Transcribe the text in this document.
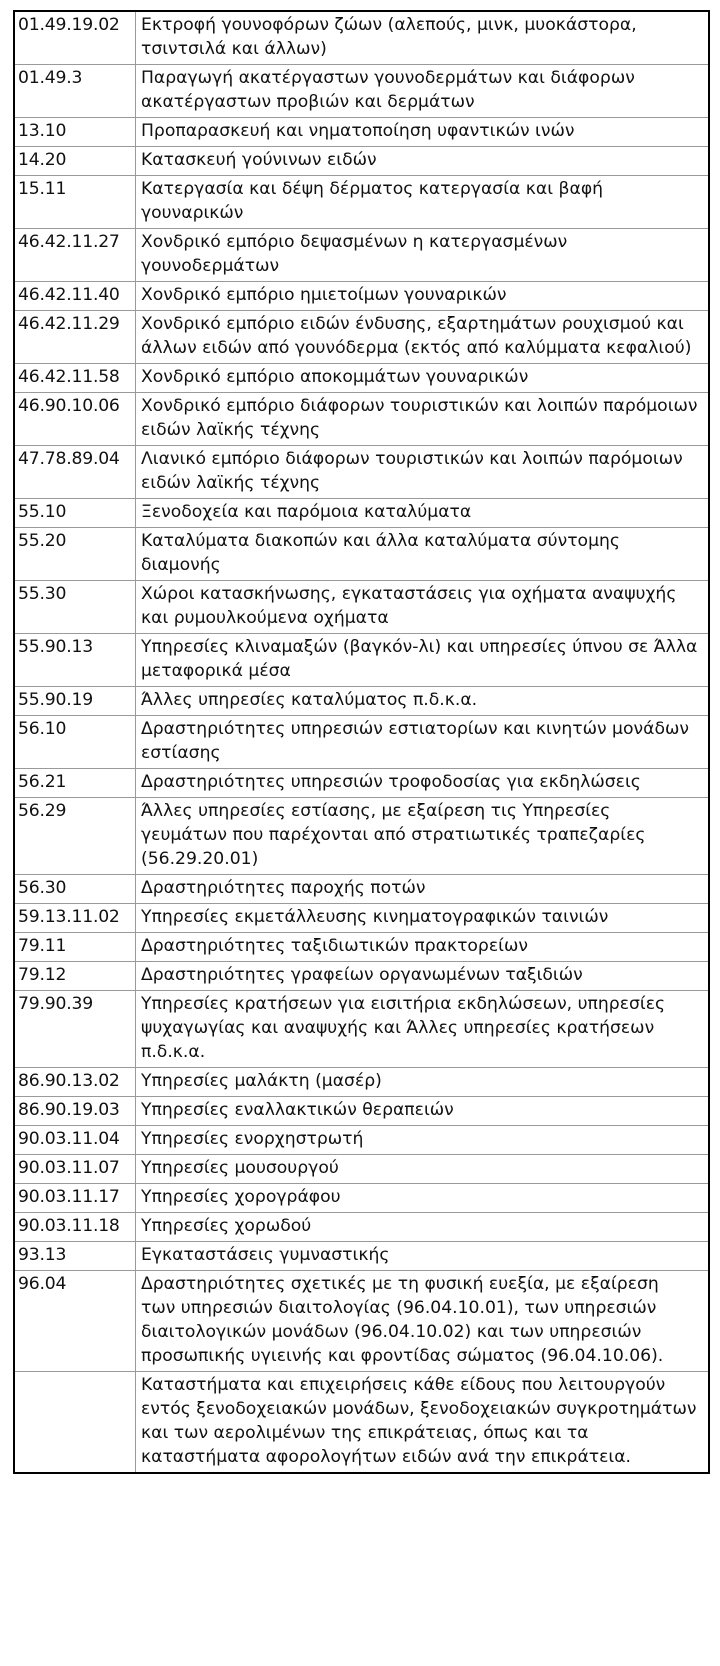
01.49.19.02	Εκτροφή γουνοφόρων ζώων (αλεπούς, μινκ, μυοκάστορα, τσιντσιλά και άλλων)
01.49.3	Παραγωγή ακατέργαστων γουνοδερμάτων και διάφορων ακατέργαστων προβιών και δερμάτων
13.10	Προπαρασκευή και νηματοποίηση υφαντικών ινών
14.20	Κατασκευή γούνινων ειδών
15.11	Κατεργασία και δέψη δέρματος κατεργασία και βαφή γουναρικών
46.42.11.27	Χονδρικό εμπόριο δεψασμένων η κατεργασμένων γουνοδερμάτων
46.42.11.40	Χονδρικό εμπόριο ημιετοίμων γουναρικών
46.42.11.29	Χονδρικό εμπόριο ειδών ένδυσης, εξαρτημάτων ρουχισμού και άλλων ειδών από γουνόδερμα (εκτός από καλύμματα κεφαλιού)
46.42.11.58	Χονδρικό εμπόριο αποκομμάτων γουναρικών
46.90.10.06	Χονδρικό εμπόριο διάφορων τουριστικών και λοιπών παρόμοιων ειδών λαϊκής τέχνης
47.78.89.04	Λιανικό εμπόριο διάφορων τουριστικών και λοιπών παρόμοιων ειδών λαϊκής τέχνης
55.10	Ξενοδοχεία και παρόμοια καταλύματα
55.20	Καταλύματα διακοπών και άλλα καταλύματα σύντομης διαμονής
55.30	Χώροι κατασκήνωσης, εγκαταστάσεις για οχήματα αναψυχής και ρυμουλκούμενα οχήματα
55.90.13	Υπηρεσίες κλιναμαξών (βαγκόν-λι) και υπηρεσίες ύπνου σε Άλλα μεταφορικά μέσα
55.90.19	Άλλες υπηρεσίες καταλύματος π.δ.κ.α.
56.10	Δραστηριότητες υπηρεσιών εστιατορίων και κινητών μονάδων εστίασης
56.21	Δραστηριότητες υπηρεσιών τροφοδοσίας για εκδηλώσεις
56.29	Άλλες υπηρεσίες εστίασης, με εξαίρεση τις Υπηρεσίες γευμάτων που παρέχονται από στρατιωτικές τραπεζαρίες (56.29.20.01)
56.30	Δραστηριότητες παροχής ποτών
59.13.11.02	Υπηρεσίες εκμετάλλευσης κινηματογραφικών ταινιών
79.11	Δραστηριότητες ταξιδιωτικών πρακτορείων
79.12	Δραστηριότητες γραφείων οργανωμένων ταξιδιών
79.90.39	Υπηρεσίες κρατήσεων για εισιτήρια εκδηλώσεων, υπηρεσίες ψυχαγωγίας και αναψυχής και Άλλες υπηρεσίες κρατήσεων π.δ.κ.α.
86.90.13.02	Υπηρεσίες μαλάκτη (μασέρ)
86.90.19.03	Υπηρεσίες εναλλακτικών θεραπειών
90.03.11.04	Υπηρεσίες ενορχηστρωτή
90.03.11.07	Υπηρεσίες μουσουργού
90.03.11.17	Υπηρεσίες χορογράφου
90.03.11.18	Υπηρεσίες χορωδού
93.13	Εγκαταστάσεις γυμναστικής
96.04	Δραστηριότητες σχετικές με τη φυσική ευεξία, με εξαίρεση των υπηρεσιών διαιτολογίας (96.04.10.01), των υπηρεσιών διαιτολογικών μονάδων (96.04.10.02) και των υπηρεσιών προσωπικής υγιεινής και φροντίδας σώματος (96.04.10.06).
	Καταστήματα και επιχειρήσεις κάθε είδους που λειτουργούν εντός ξενοδοχειακών μονάδων, ξενοδοχειακών συγκροτημάτων και των αερολιμένων της επικράτειας, όπως και τα καταστήματα αφορολογήτων ειδών ανά την επικράτεια.
